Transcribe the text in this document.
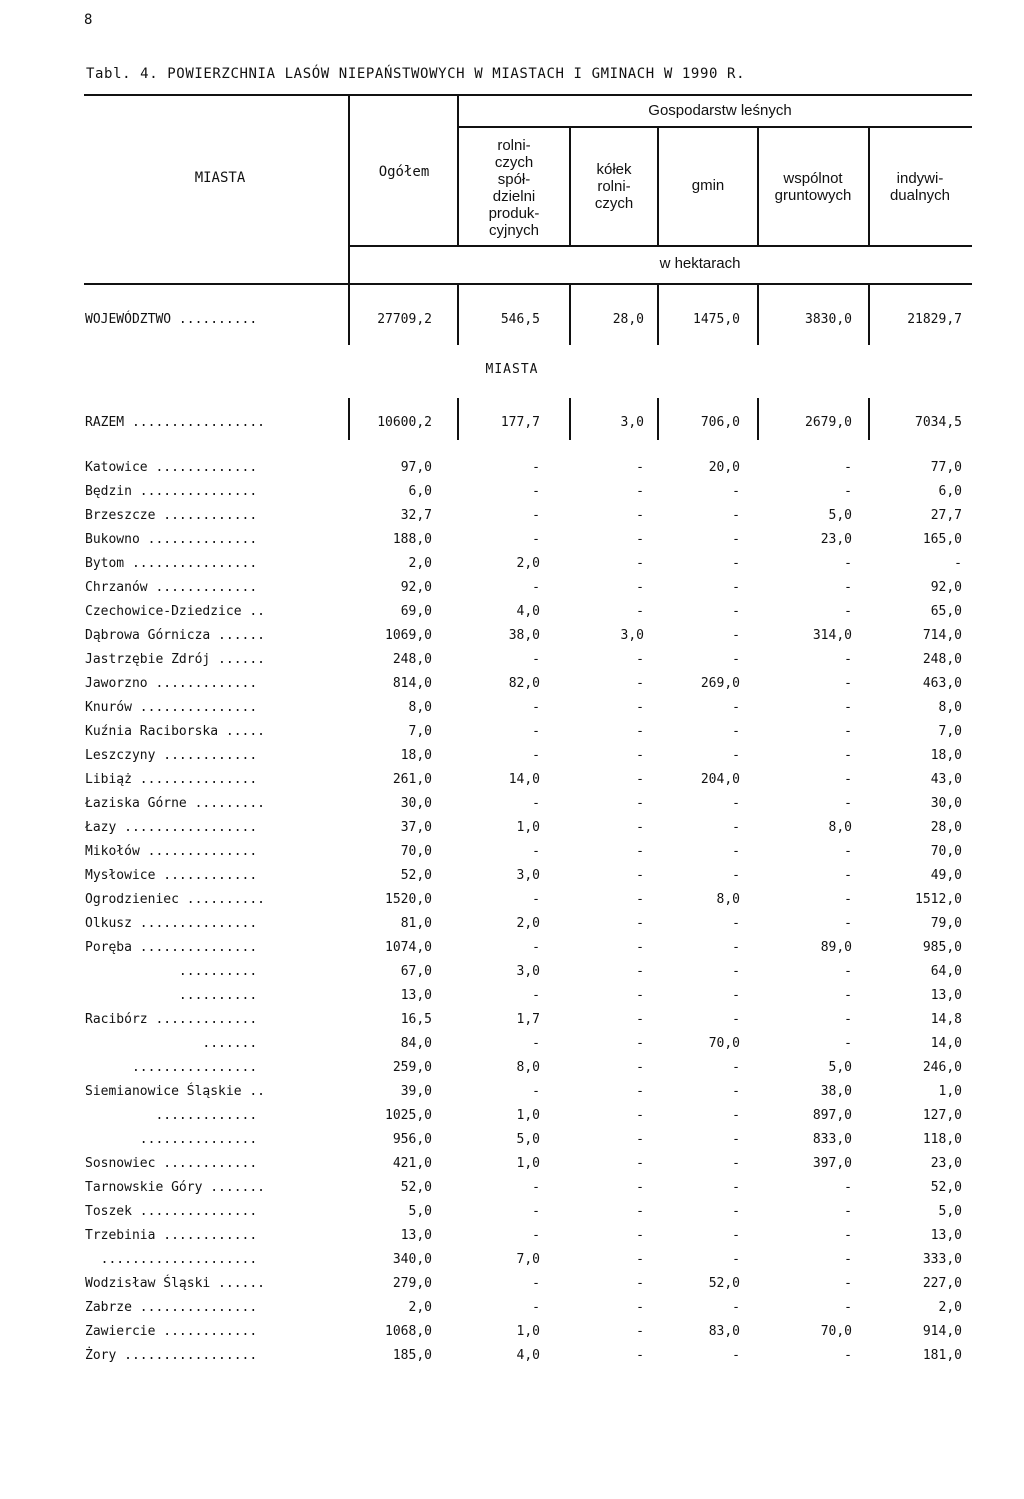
8
Tabl. 4. POWIERZCHNIA LASÓW NIEPAŃSTWOWYCH W MIASTACH I GMINACH W 1990 R.
MIASTA	Ogółem
Gospodarstw leśnych
rolni-
czych
spół-
dzielni
produk-
cyjnych
kółek
rolni-
czych
gmin	wspólnot
gruntowych
indywi-
dualnych
w hektarach
MIASTA
WOJEWÓDZTWO ..........	27709,2	546,5	28,0	1475,0	3830,0	21829,7
RAZEM .................	10600,2	177,7	3,0	706,0	2679,0	7034,5
Katowice .............	97,0	-	-	20,0	-	77,0
Będzin ...............	6,0	-	-	-	-	6,0
Brzeszcze ............	32,7	-	-	-	5,0	27,7
Bukowno ..............	188,0	-	-	-	23,0	165,0
Bytom ................	2,0	2,0	-	-	-	-
Chrzanów .............	92,0	-	-	-	-	92,0
Czechowice-Dziedzice ..	69,0	4,0	-	-	-	65,0
Dąbrowa Górnicza ......	1069,0	38,0	3,0	-	314,0	714,0
Jastrzębie Zdrój ......	248,0	-	-	-	-	248,0
Jaworzno .............	814,0	82,0	-	269,0	-	463,0
Knurów ...............	8,0	-	-	-	-	8,0
Kuźnia Raciborska .....	7,0	-	-	-	-	7,0
Leszczyny ............	18,0	-	-	-	-	18,0
Libiąż ...............	261,0	14,0	-	204,0	-	43,0
Łaziska Górne .........	30,0	-	-	-	-	30,0
Łazy .................	37,0	1,0	-	-	8,0	28,0
Mikołów ..............	70,0	-	-	-	-	70,0
Mysłowice ............	52,0	3,0	-	-	-	49,0
Ogrodzieniec ..........	1520,0	-	-	8,0	-	1512,0
Olkusz ...............	81,0	2,0	-	-	-	79,0
Poręba ...............	1074,0	-	-	-	89,0	985,0
..........	67,0	3,0	-	-	-	64,0
..........	13,0	-	-	-	-	13,0
Racibórz .............	16,5	1,7	-	-	-	14,8
.......	84,0	-	-	70,0	-	14,0
................	259,0	8,0	-	-	5,0	246,0
Siemianowice Śląskie ..	39,0	-	-	-	38,0	1,0
.............	1025,0	1,0	-	-	897,0	127,0
...............	956,0	5,0	-	-	833,0	118,0
Sosnowiec ............	421,0	1,0	-	-	397,0	23,0
Tarnowskie Góry .......	52,0	-	-	-	-	52,0
Toszek ...............	5,0	-	-	-	-	5,0
Trzebinia ............	13,0	-	-	-	-	13,0
....................	340,0	7,0	-	-	-	333,0
Wodzisław Śląski ......	279,0	-	-	52,0	-	227,0
Zabrze ...............	2,0	-	-	-	-	2,0
Zawiercie ............	1068,0	1,0	-	83,0	70,0	914,0
Żory .................	185,0	4,0	-	-	-	181,0
